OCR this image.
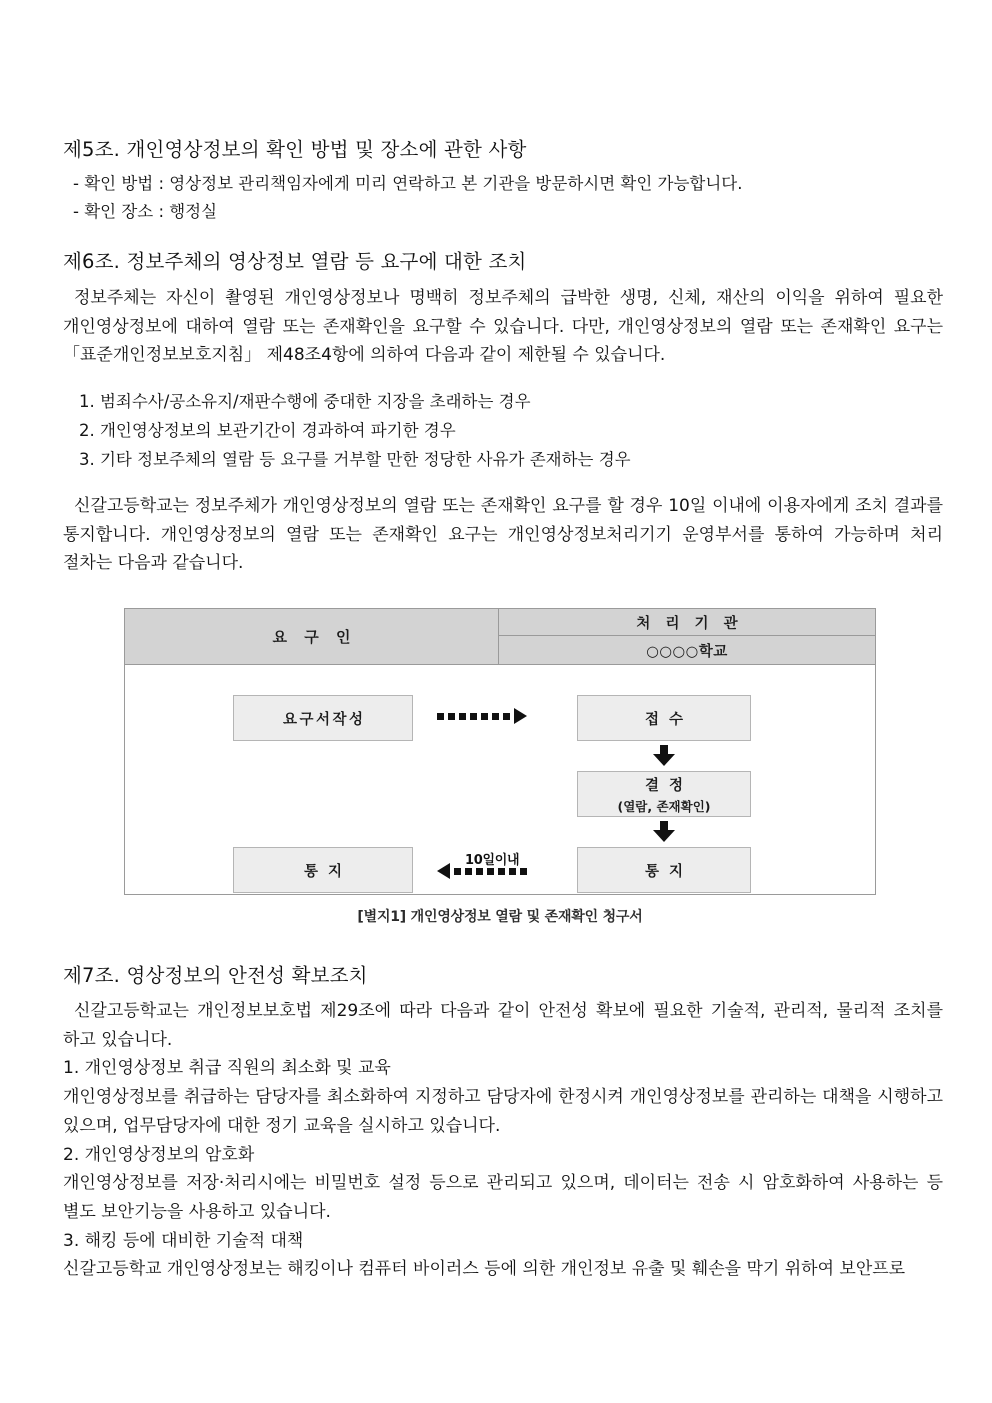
제5조. 개인영상정보의 확인 방법 및 장소에 관한 사항
- 확인 방법 : 영상정보 관리책임자에게 미리 연락하고 본 기관을 방문하시면 확인 가능합니다.
- 확인 장소 : 행정실
제6조. 정보주체의 영상정보 열람 등 요구에 대한 조치
정보주체는 자신이 촬영된 개인영상정보나 명백히 정보주체의 급박한 생명, 신체, 재산의 이익을 위하여 필요한 개인영상정보에 대하여 열람 또는 존재확인을 요구할 수 있습니다. 다만, 개인영상정보의 열람 또는 존재확인 요구는 「표준개인정보보호지침」 제48조4항에 의하여 다음과 같이 제한될 수 있습니다.
1. 범죄수사/공소유지/재판수행에 중대한 지장을 초래하는 경우
2. 개인영상정보의 보관기간이 경과하여 파기한 경우
3. 기타 정보주체의 열람 등 요구를 거부할 만한 정당한 사유가 존재하는 경우
신갈고등학교는 정보주체가 개인영상정보의 열람 또는 존재확인 요구를 할 경우 10일 이내에 이용자에게 조치 결과를 통지합니다. 개인영상정보의 열람 또는 존재확인 요구는 개인영상정보처리기기 운영부서를 통하여 가능하며 처리 절차는 다음과 같습니다.
요 구 인
처 리 기 관
○○○○학교
요구서작성	접 수
결 정
(열람, 존재확인)
통 지
통 지
10일이내
[별지1] 개인영상정보 열람 및 존재확인 청구서
제7조. 영상정보의 안전성 확보조치
신갈고등학교는 개인정보보호법 제29조에 따라 다음과 같이 안전성 확보에 필요한 기술적, 관리적, 물리적 조치를 하고 있습니다.
1. 개인영상정보 취급 직원의 최소화 및 교육
개인영상정보를 취급하는 담당자를 최소화하여 지정하고 담당자에 한정시켜 개인영상정보를 관리하는 대책을 시행하고 있으며, 업무담당자에 대한 정기 교육을 실시하고 있습니다.
2. 개인영상정보의 암호화
개인영상정보를 저장·처리시에는 비밀번호 설정 등으로 관리되고 있으며, 데이터는 전송 시 암호화하여 사용하는 등 별도 보안기능을 사용하고 있습니다.
3. 해킹 등에 대비한 기술적 대책
신갈고등학교 개인영상정보는 해킹이나 컴퓨터 바이러스 등에 의한 개인정보 유출 및 훼손을 막기 위하여 보안프로
